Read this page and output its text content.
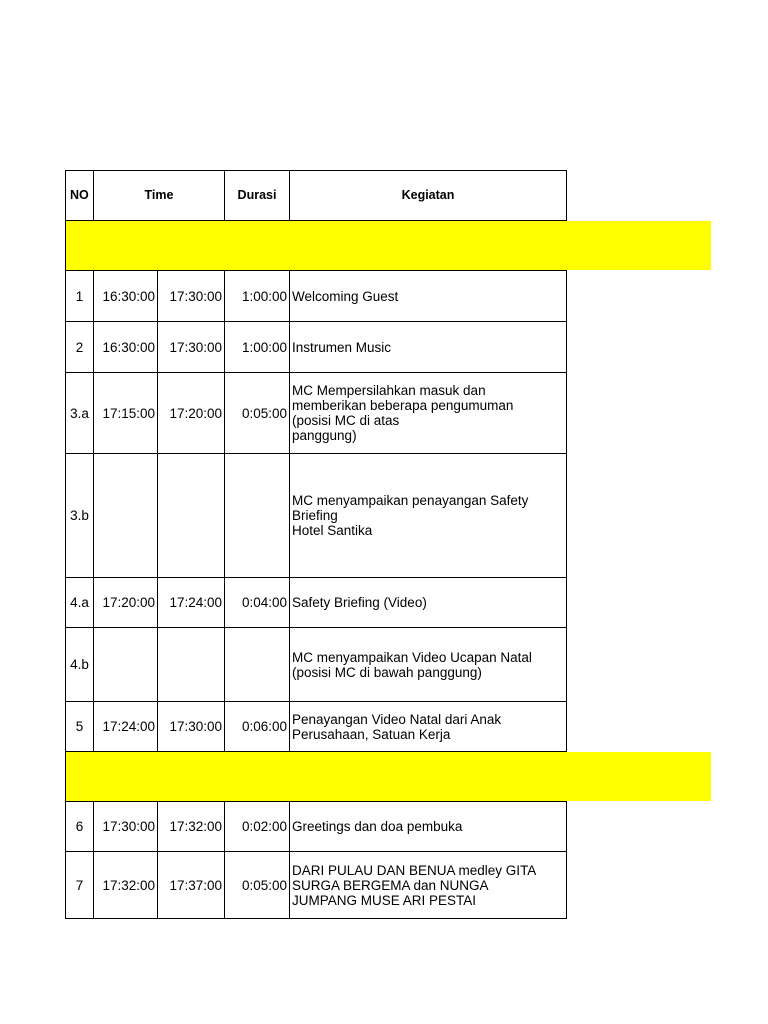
NO	Time		Durasi	Kegiatan	

1	16:30:00	17:30:00	1:00:00	Welcoming Guest	
2	16:30:00	17:30:00	1:00:00	Instrumen Music	
3.a	17:15:00	17:20:00	0:05:00	MC Mempersilahkan masuk dan
memberikan beberapa pengumuman
(posisi MC di atas
panggung)	
3.b				MC menyampaikan penayangan Safety
Briefing
Hotel Santika	
4.a	17:20:00	17:24:00	0:04:00	Safety Briefing (Video)	
4.b				MC menyampaikan Video Ucapan Natal
(posisi MC di bawah panggung)	
5	17:24:00	17:30:00	0:06:00	Penayangan Video Natal dari Anak
Perusahaan, Satuan Kerja	

6	17:30:00	17:32:00	0:02:00	Greetings dan doa pembuka	
7	17:32:00	17:37:00	0:05:00	DARI PULAU DAN BENUA medley GITA
SURGA BERGEMA dan NUNGA
JUMPANG MUSE ARI PESTAI	
